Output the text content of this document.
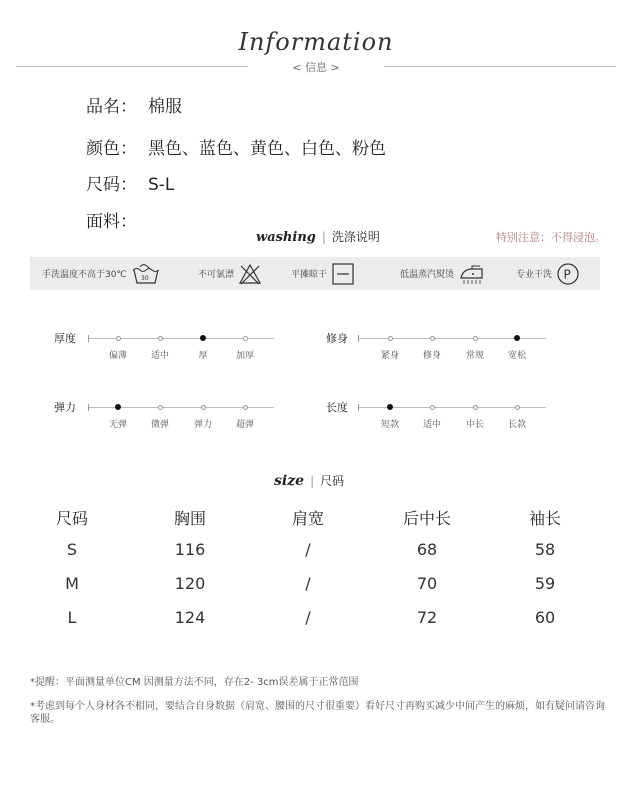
Information
< 信息 >
品名： 棉服
颜色： 黑色、蓝色、黄色、白色、粉色
尺码： S-L
面料：
washing | 洗涤说明	特别注意：不得浸泡。
手洗温度不高于30℃ 30	不可氯漂	平摊晾干	低温蒸汽熨烫	专业干洗 P
厚度
偏薄	适中	厚	加厚
修身
紧身	修身	常规	宽松
弹力
无弹	微弹	弹力	超弹
长度
短款	适中	中长	长款
size | 尺码
尺码	胸围	肩宽	后中长	袖长
S	116	/	68	58
M	120	/	70	59
L	124	/	72	60
*提醒：平面测量单位CM 因测量方法不同，存在2- 3cm误差属于正常范围
*考虑到每个人身材各不相同，要结合自身数据（肩宽、腰围的尺寸很重要）看好尺寸再购买减少中间产生的麻烦，如有疑问请咨询客服。
